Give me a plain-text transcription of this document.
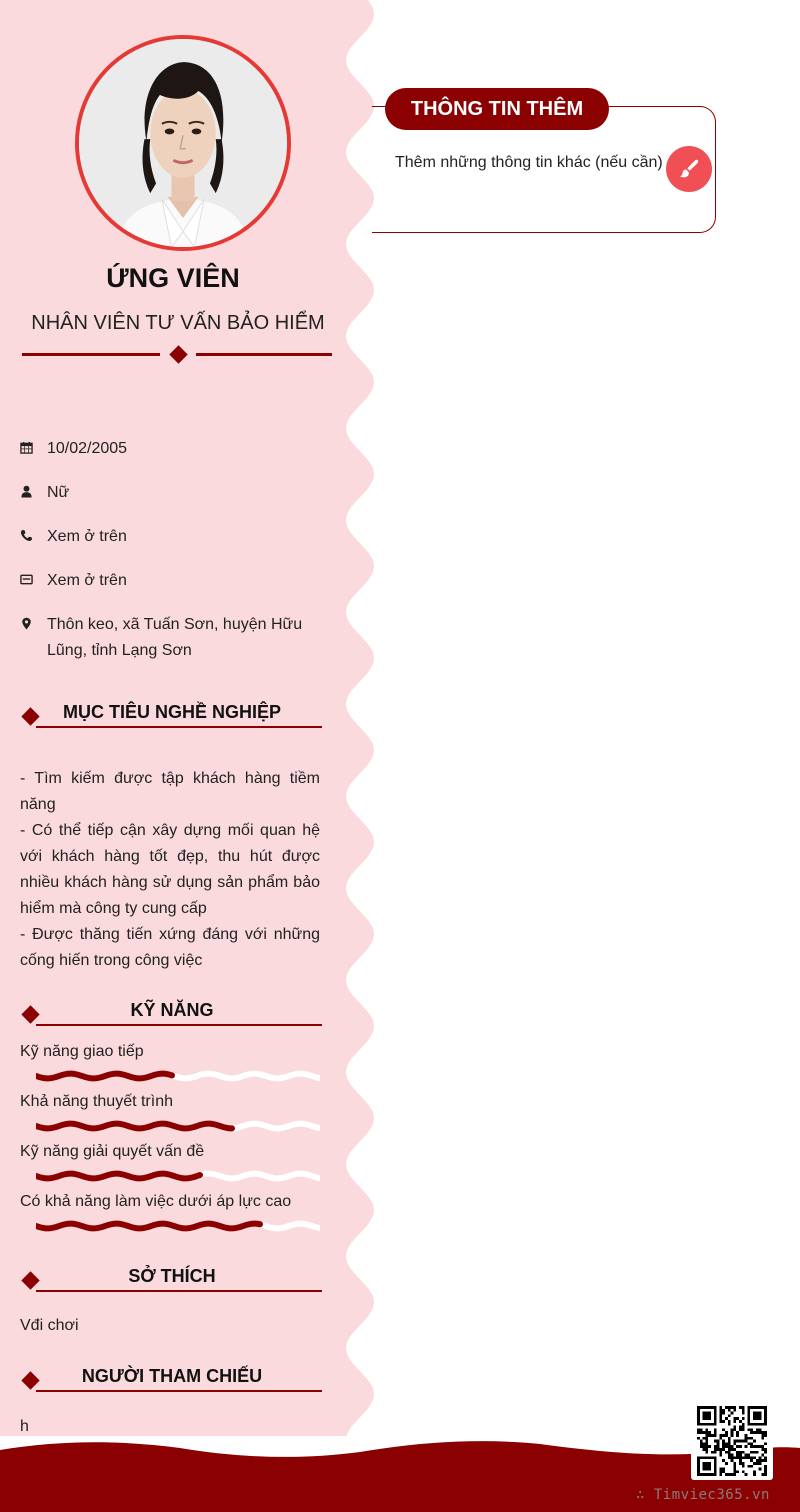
ỨNG VIÊN
NHÂN VIÊN TƯ VẤN BẢO HIỂM
10/02/2005
Nữ
Xem ở trên
Xem ở trên
Thôn keo, xã Tuấn Sơn, huyện Hữu Lũng, tỉnh Lạng Sơn
MỤC TIÊU NGHỀ NGHIỆP

- Tìm kiếm được tập khách hàng tiềm năng

- Có thể tiếp cận xây dựng mối quan hệ với khách hàng tốt đẹp, thu hút được nhiều khách hàng sử dụng sản phẩm bảo hiểm mà công ty cung cấp

- Được thăng tiến xứng đáng với những cống hiến trong công việc

KỸ NĂNG
Kỹ năng giao tiếp
Khả năng thuyết trình
Kỹ năng giải quyết vấn đề
Có khả năng làm việc dưới áp lực cao
SỞ THÍCH
Vđi chơi
NGƯỜI THAM CHIẾU
h
THÔNG TIN THÊM
Thêm những thông tin khác (nếu cần)
∴ Timviec365.vn
